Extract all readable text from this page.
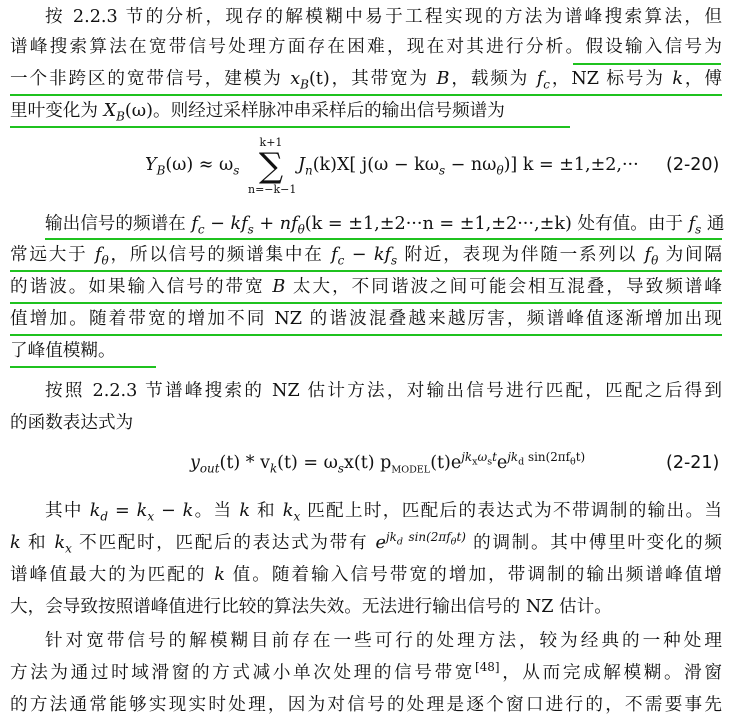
按 2.2.3 节的分析，现存的解模糊中易于工程实现的方法为谱峰搜索算法，但
谱峰搜索算法在宽带信号处理方面存在困难，现在对其进行分析。假设输入信号为
一个非跨区的宽带信号，建模为 $x_B(t)$，其带宽为 B，载频为 $f_c$，NZ 标号为 k，傅
里叶变化为 $X_B(\omega)$。则经过采样脉冲串采样后的输出信号频谱为
$Y_B(\omega) \approx \omega_s$
k+1
∑
n=−k−1
$J_n(k)X$[ $j(\omega - k\omega_s - n\omega_\theta)$] k = ±1,±2,··· (2-20)
输出信号的频谱在 $f_c - kf_s + nf_\theta(k = \pm 1,\pm 2\cdot\cdot\cdot n = \pm 1,\pm 2\cdot\cdot\cdot,\pm k)$ 处有值。由于 $f_s$ 通
常远大于 $f_\theta$，所以信号的频谱集中在 $f_c - kf_s$ 附近，表现为伴随一系列以 $f_\theta$ 为间隔
的谐波。如果输入信号的带宽 B 太大，不同谐波之间可能会相互混叠，导致频谱峰
值增加。随着带宽的增加不同 NZ 的谐波混叠越来越厉害，频谱峰值逐渐增加出现
了峰值模糊。
按照 2.2.3 节谱峰搜索的 NZ 估计方法，对输出信号进行匹配，匹配之后得到
的函数表达式为
$y_{out}(t) * v_k(t) = \omega_sx(t)$ $p_{MODEL}(t)e^{jk_x\omega_st}e^{jk_d sin(2\pi f_\theta t)}$	(2-21)
其中 $k_d = k_x - k$。当 k 和 $k_x$ 匹配上时，匹配后的表达式为不带调制的输出。当
k 和 $k_x$ 不匹配时，匹配后的表达式为带有 $e^{jk_d sin(2\pi f_\theta t)}$ 的调制。其中傅里叶变化的频
谱峰值最大的为匹配的 k 值。随着输入信号带宽的增加，带调制的输出频谱峰值增
大，会导致按照谱峰值进行比较的算法失效。无法进行输出信号的 NZ 估计。
针对宽带信号的解模糊目前存在一些可行的处理方法，较为经典的一种处理
方法为通过时域滑窗的方式减小单次处理的信号带宽[48]，从而完成解模糊。滑窗
的方法通常能够实现实时处理，因为对信号的处理是逐个窗口进行的，不需要事先
